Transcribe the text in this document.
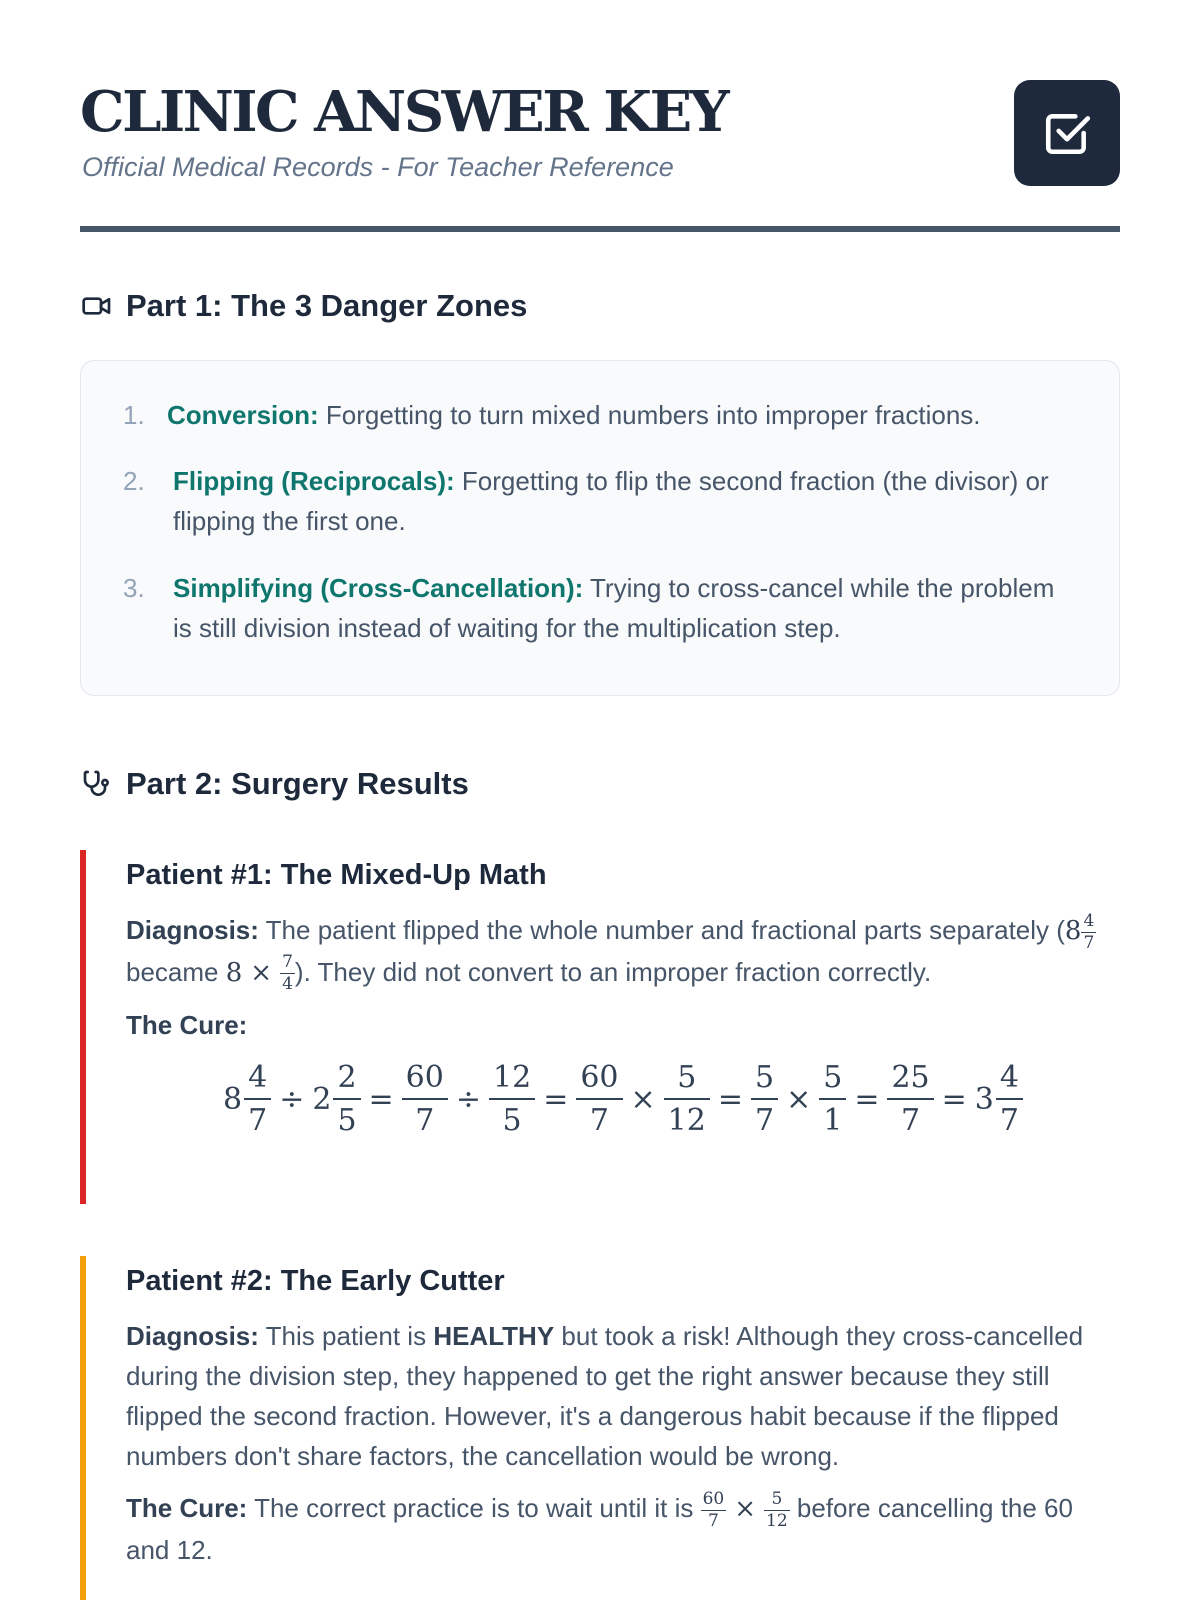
CLINIC ANSWER KEY
Official Medical Records - For Teacher Reference
Part 1: The 3 Danger Zones
1. Conversion: Forgetting to turn mixed numbers into improper fractions.
2. Flipping (Reciprocals): Forgetting to flip the second fraction (the divisor) or flipping the first one.
3. Simplifying (Cross-Cancellation): Trying to cross-cancel while the problem is still division instead of waiting for the multiplication step.
Part 2: Surgery Results
Patient #1: The Mixed-Up Math

Diagnosis: The patient flipped the whole number and fractional parts separately ($8 \frac{4}{7}$
became $8 \times \frac{7}{4}$ ). They did not convert to an improper fraction correctly.

The Cure:

$8 \frac{4}{7} \div 2 \frac{2}{5} = \frac{60}{7} \div \frac{12}{5} = \frac{60}{7} \times \frac{5}{12} = \frac{5}{7} \times \frac{5}{1} = \frac{25}{7} = 3 \frac{4}{7}$
Patient #2: The Early Cutter

Diagnosis: This patient is HEALTHY but took a risk! Although they cross-cancelled during the division step, they happened to get the right answer because they still flipped the second fraction. However, it's a dangerous habit because if the flipped numbers don't share factors, the cancellation would be wrong.

The Cure: The correct practice is to wait until it is $\frac{60}{7} \times \frac{5}{12}$ before cancelling the 60 and 12.
